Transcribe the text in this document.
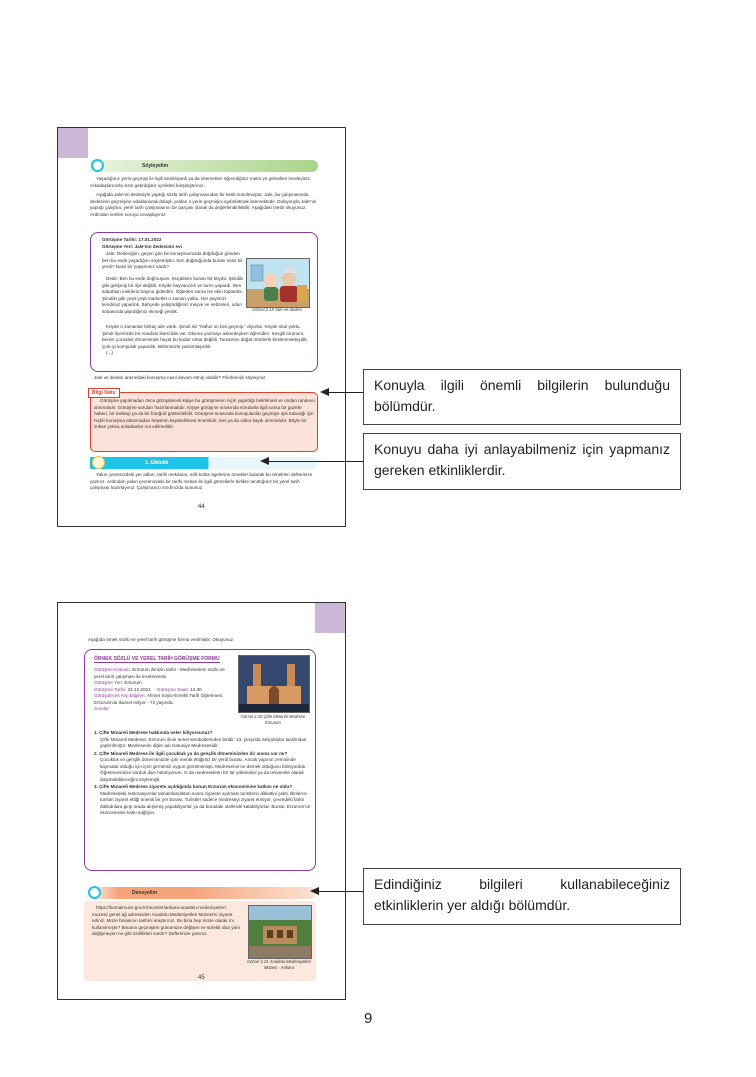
Söyleyelim

Yaşadığınız yerin geçmişi ile ilgili ansiklopedi ya da internetten öğrendiğiniz metin ve görselleri inceleyiniz. Arkadaşlarınızla sizin getirdiğiniz içerikleri karşılaştırınız.

Aşağıda Jale'nin dedesiyle yaptığı sözlü tarih çalışmasından bir kesit sunulmuştur. Jale, bu çalışmasında dedesinin geçmişine odaklanarak dolaylı yoldan o yerin geçmişini aydınlatmak istemektedir. Dolayısıyla Jale'nin yaptığı çalışma, yerel tarih çalışmasının bir parçası olarak da değerlendirilebilir. Aşağıdaki metni okuyunuz. Ardından verilen soruyu cevaplayınız.

Görüşme Tarihi: 17.01.2022

Görüşme Yeri: Jale'nin dedesinin evi

Jale: Dedeciğim, geçen gün bir konuşmamızda doğduğun günden beri bu evde yaşadığını söylemiştin. Sen doğduğunda burası nasıl bir yerdi? Nasıl bir yaşamınız vardı?

Dede: Ben bu evde doğmuşum. Küçükken burası bir köydü. Şimdiki gibi gelişmiş bir ilçe değildi. Köyde hayvancılık ve tarım yapardı. Ben sabahları ineklerin başına giderdim. Öğleden sonra ise ekin toplardık. Şimdiki gibi çeşit çeşit marketler o zaman yoktu. Her şeyimizi kendimiz yapardık. Bahçede yetiştirdiğimiz meyve ve sebzeleri, odun sobasında pişirdiğimiz ekmeği yerdik.

Köyde o zamanlar birkaç aile vardı. Şimdi siz "Nüfus on bini geçmiş." diyorlar. Köyde okul yoktu. Şimdi ilçemizde bir Anadolu lisesi bile var. Okuma yazmayı askerdeyken öğrendim. Sevgili torunum, benim çocukluk dönemimde hayat bu kadar rahat değildi. Tamamen doğal ürünlerle beslenmekteydik. Çok iyi komşuluk yapardık. Birbirimizle yardımlaşırdık

(...)

Görsel 2.19 Jale ve dedesi

Jale ve dedesi arasındaki konuşma nasıl devam etmiş olabilir? Fikirlerinizi söyleyiniz.

Bilgi Notu

Görüşme yapılmadan önce görüşülecek kişiye bu görüşmenin niçin yapıldığı belirtilmeli ve ondan randevu alınmalıdır. Görüşme soruları hazırlanmalıdır. Kişiye görüşme sırasında sorulanla ilgili varsa bir gazete haberi, bir mektup ya da bir fotoğraf gösterilebilir. Görüşme sırasında konuşulanlar geçmişe ışık tutacağı için hiçbir konuşma atlanmadan hepsinin kaydedilmesi önemlidir. Ses ya da video kaydı alınmalıdır. Böyle bir imkan yoksa anlatılanlar not edilmelidir.

1. Etkinlik

Yakın çevrenizdeki yer adları, tarihi mekânlar, milli kültür ögelerine örnekler bularak bu örnekleri defterinize yazınız. Ardından yakın çevrenizdeki bir tarihi mekan ile ilgili görsellerle birlikte tanıttığınız bir yerel tarih çalışması hazırlayınız. Çalışmanızı sınıfınızda sununuz.

44

Aşağıda örnek sözlü ve yerel tarih görüşme formu verilmiştir. Okuyunuz.

ÖRNEK SÖZLÜ VE YEREL TARİH GÖRÜŞME FORMU

Görüşme Konusu: Erzurum ilimizin tarihi - Medreselerin sözlü ve yerel tarih çalışması ile incelenmesi.

Görüşme Yeri: Erzurum

Görüşme Tarihi: 22.12.2021 Görüşme Saati: 14.30

Görüşülecek Kişi Bilgileri: Ahmet Soylu-Emekli Tarih Öğretmeni, Erzurum'da ikamet ediyor - 72 yaşında.

Sorular:

Görsel 2.20 Çifte Minareli Medrese Erzurum

1. Çifte Minareli Medrese hakkında neler biliyorsunuz?

Çifte Minareli Medrese, Erzurum ilinin temel sembollerinden biridir. 13. yüzyılda Selçuklular tarafından yaptırılmıştır. Medresenin diğer adı Hatuniye Medresesidir.

2. Çifte Minareli Medrese ile ilgili çocukluk ya da gençlik döneminizden bir anınız var mı?

Çocukluk ve gençlik dönemimizde içini merak ettiğimiz bir yerdi burası. Ancak yapının zemininde kaymalar olduğu için içeri girmemiz uygun görülmemişti. Medresenin ne demek olduğunu bilmiyorduk. Öğretmenimize sorduk diye hatırlıyorum. O da medreselerin bir tür yükseokul ya da üniversite olarak düşünülebileceğini söylemişti.

3. Çifte Minareli Medrese ziyarete açıldığında bunun Erzurum ekonomisine katkısı ne oldu?

Medresedeki restorasyonlar tamamlandıktan sonra ziyarete açılması turistlerin dikkatini çekti. Binlerce turistin ziyaret ettiği önemli bir yer burası. Turistler sadece medreseyi ziyaret etmiyor, çevredeki farklı dükkânlara girip orada alışveriş yapabiliyorlar ya da buradaki otellerde kalabiliyorlar. Bunlar, Erzurum'un ekonomisine katkı sağlıyor.

Deneyelim

https://kurnalmuze.gov.tr/muzeler/ankara-anadolu-medeniyetleri-muzesi/ genel ağ adresinden Anadolu Medeniyetleri Müzesi'ni ziyaret ediniz. Müze binasının tarihini araştırınız. Bu bina hep müze olarak mı kullanılmıştır? Binanın geçmişten günümüze değişen ve sürekli olan yanı değişmeyen ne gibi özellikleri vardır? Defterinize yazınız.

Görsel 2.21 Anadolu Medeniyetleri Müzesi - Ankara
45
Konuyla ilgili önemli bilgilerin bulunduğu bölümdür.
Konuyu daha iyi anlayabilmeniz için yapmanız gereken etkinliklerdir.
Edindiğiniz bilgileri kullanabileceğiniz etkinliklerin yer aldığı bölümdür.
9
